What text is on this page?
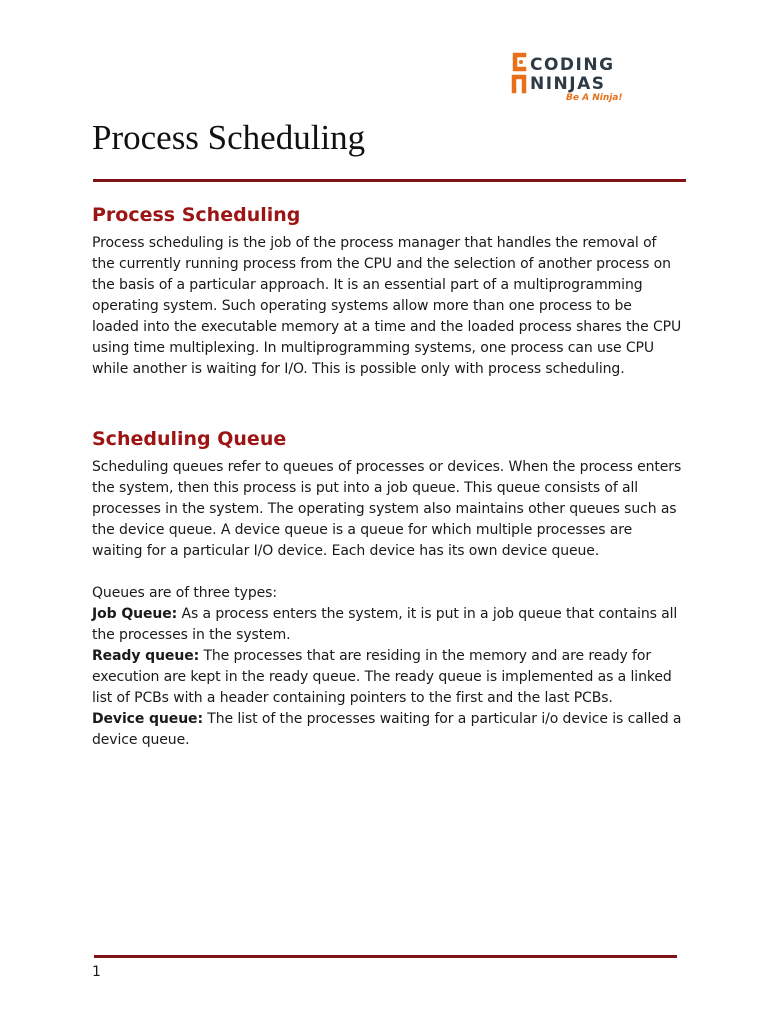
CODING
NINJAS
Be A Ninja!
Process Scheduling
Process Scheduling

Process scheduling is the job of the process manager that handles the removal of the currently running process from the CPU and the selection of another process on the basis of a particular approach. It is an essential part of a multiprogramming operating system. Such operating systems allow more than one process to be loaded into the executable memory at a time and the loaded process shares the CPU using time multiplexing. In multiprogramming systems, one process can use CPU while another is waiting for I/O. This is possible only with process scheduling.

Scheduling Queue

Scheduling queues refer to queues of processes or devices. When the process enters the system, then this process is put into a job queue. This queue consists of all processes in the system. The operating system also maintains other queues such as the device queue. A device queue is a queue for which multiple processes are waiting for a particular I/O device. Each device has its own device queue.

Queues are of three types:

Job Queue: As a process enters the system, it is put in a job queue that contains all the processes in the system.

Ready queue: The processes that are residing in the memory and are ready for execution are kept in the ready queue. The ready queue is implemented as a linked list of PCBs with a header containing pointers to the first and the last PCBs.

Device queue: The list of the processes waiting for a particular i/o device is called a device queue.

1
